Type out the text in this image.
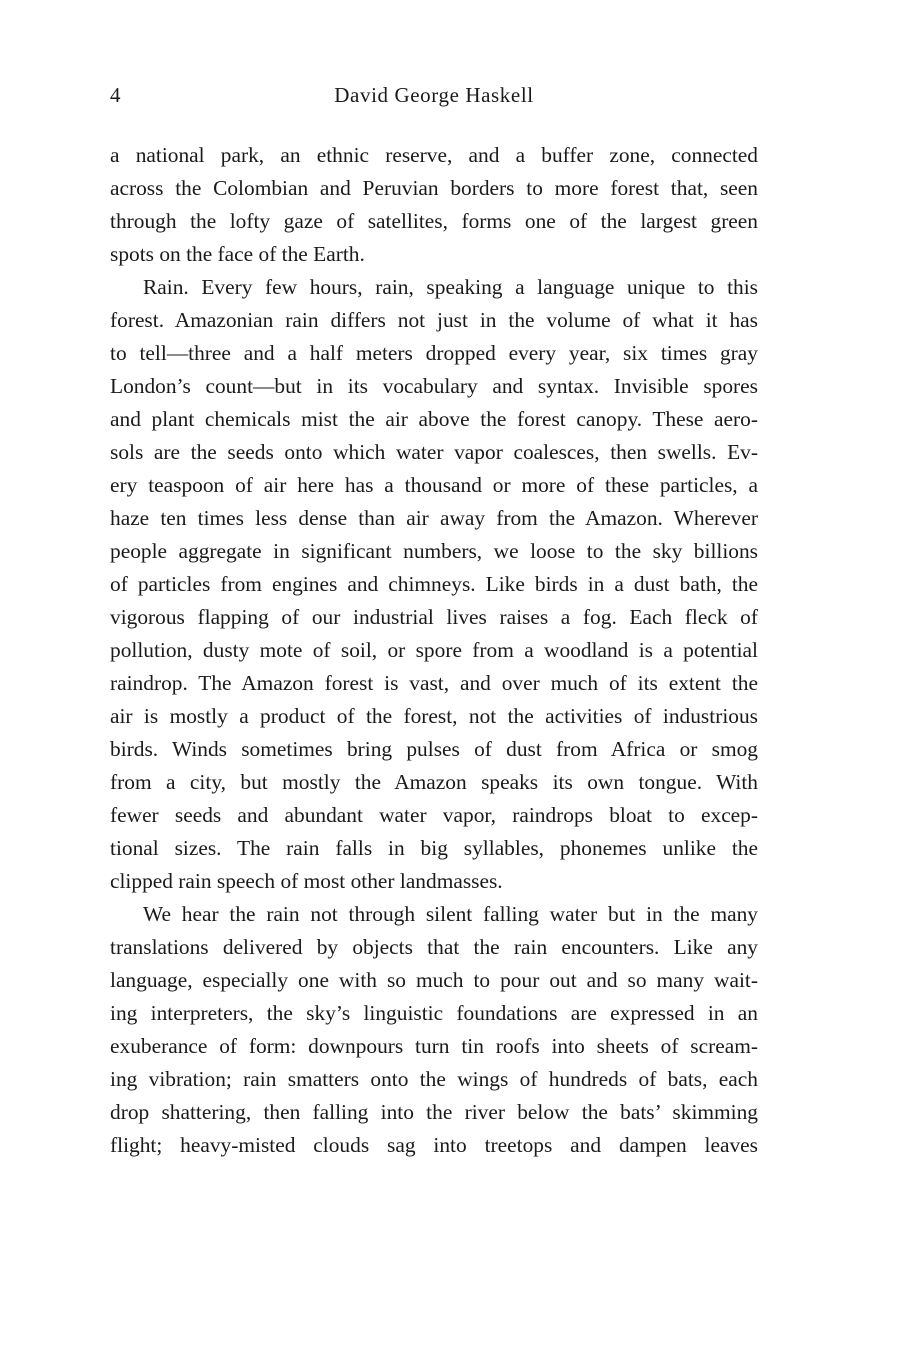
4	David George Haskell
a national park, an ethnic reserve, and a buffer zone, connected
across the Colombian and Peruvian borders to more forest that, seen
through the lofty gaze of satellites, forms one of the largest green
spots on the face of the Earth.
Rain. Every few hours, rain, speaking a language unique to this
forest. Amazonian rain differs not just in the volume of what it has
to tell—three and a half meters dropped every year, six times gray
London’s count—but in its vocabulary and syntax. Invisible spores
and plant chemicals mist the air above the forest canopy. These aero-
sols are the seeds onto which water vapor coalesces, then swells. Ev-
ery teaspoon of air here has a thousand or more of these particles, a
haze ten times less dense than air away from the Amazon. Wherever
people aggregate in significant numbers, we loose to the sky billions
of particles from engines and chimneys. Like birds in a dust bath, the
vigorous flapping of our industrial lives raises a fog. Each fleck of
pollution, dusty mote of soil, or spore from a woodland is a potential
raindrop. The Amazon forest is vast, and over much of its extent the
air is mostly a product of the forest, not the activities of industrious
birds. Winds sometimes bring pulses of dust from Africa or smog
from a city, but mostly the Amazon speaks its own tongue. With
fewer seeds and abundant water vapor, raindrops bloat to excep-
tional sizes. The rain falls in big syllables, phonemes unlike the
clipped rain speech of most other landmasses.
We hear the rain not through silent falling water but in the many
translations delivered by objects that the rain encounters. Like any
language, especially one with so much to pour out and so many wait-
ing interpreters, the sky’s linguistic foundations are expressed in an
exuberance of form: downpours turn tin roofs into sheets of scream-
ing vibration; rain smatters onto the wings of hundreds of bats, each
drop shattering, then falling into the river below the bats’ skimming
flight; heavy-misted clouds sag into treetops and dampen leaves
